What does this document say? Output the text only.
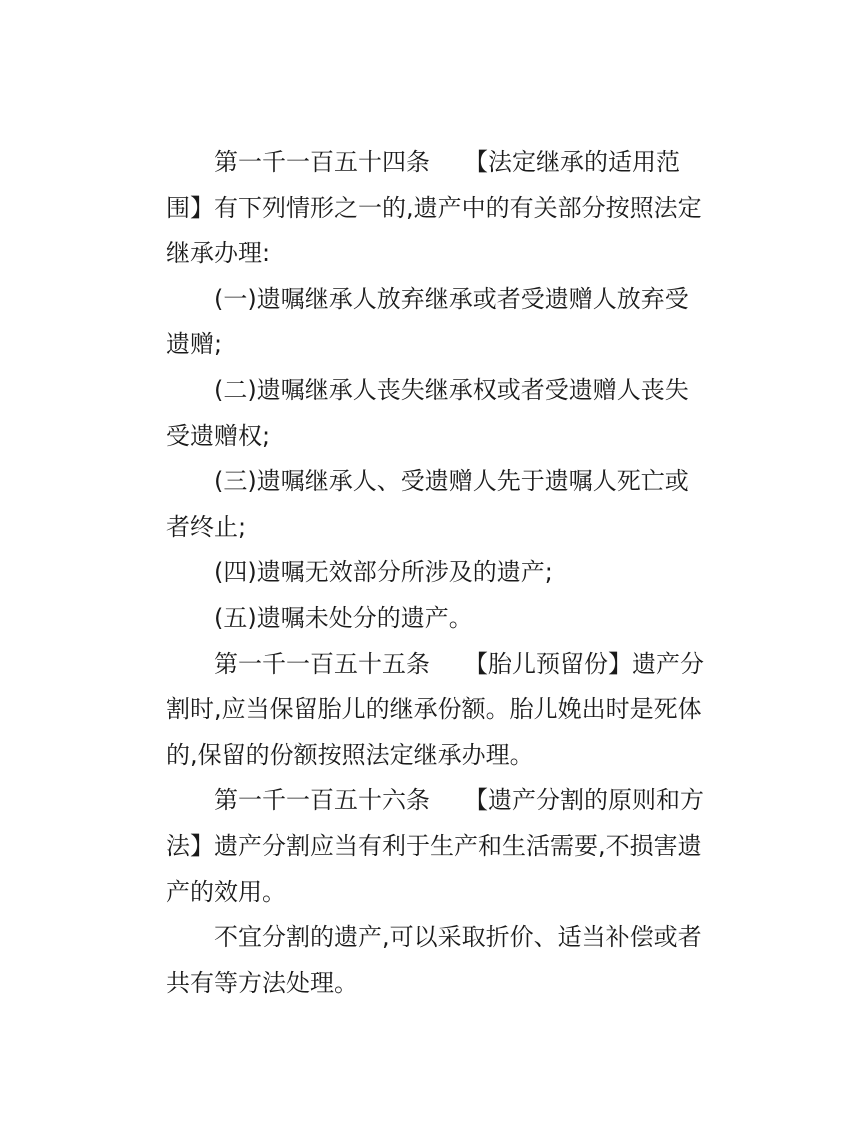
第一千一百五十四条 【法定继承的适用范围】有下列情形之一的,遗产中的有关部分按照法定继承办理:

(一)遗嘱继承人放弃继承或者受遗赠人放弃受遗赠;

(二)遗嘱继承人丧失继承权或者受遗赠人丧失受遗赠权;

(三)遗嘱继承人、受遗赠人先于遗嘱人死亡或者终止;

(四)遗嘱无效部分所涉及的遗产;

(五)遗嘱未处分的遗产。

第一千一百五十五条 【胎儿预留份】遗产分割时,应当保留胎儿的继承份额。胎儿娩出时是死体的,保留的份额按照法定继承办理。

第一千一百五十六条 【遗产分割的原则和方法】遗产分割应当有利于生产和生活需要,不损害遗产的效用。

不宜分割的遗产,可以采取折价、适当补偿或者共有等方法处理。
